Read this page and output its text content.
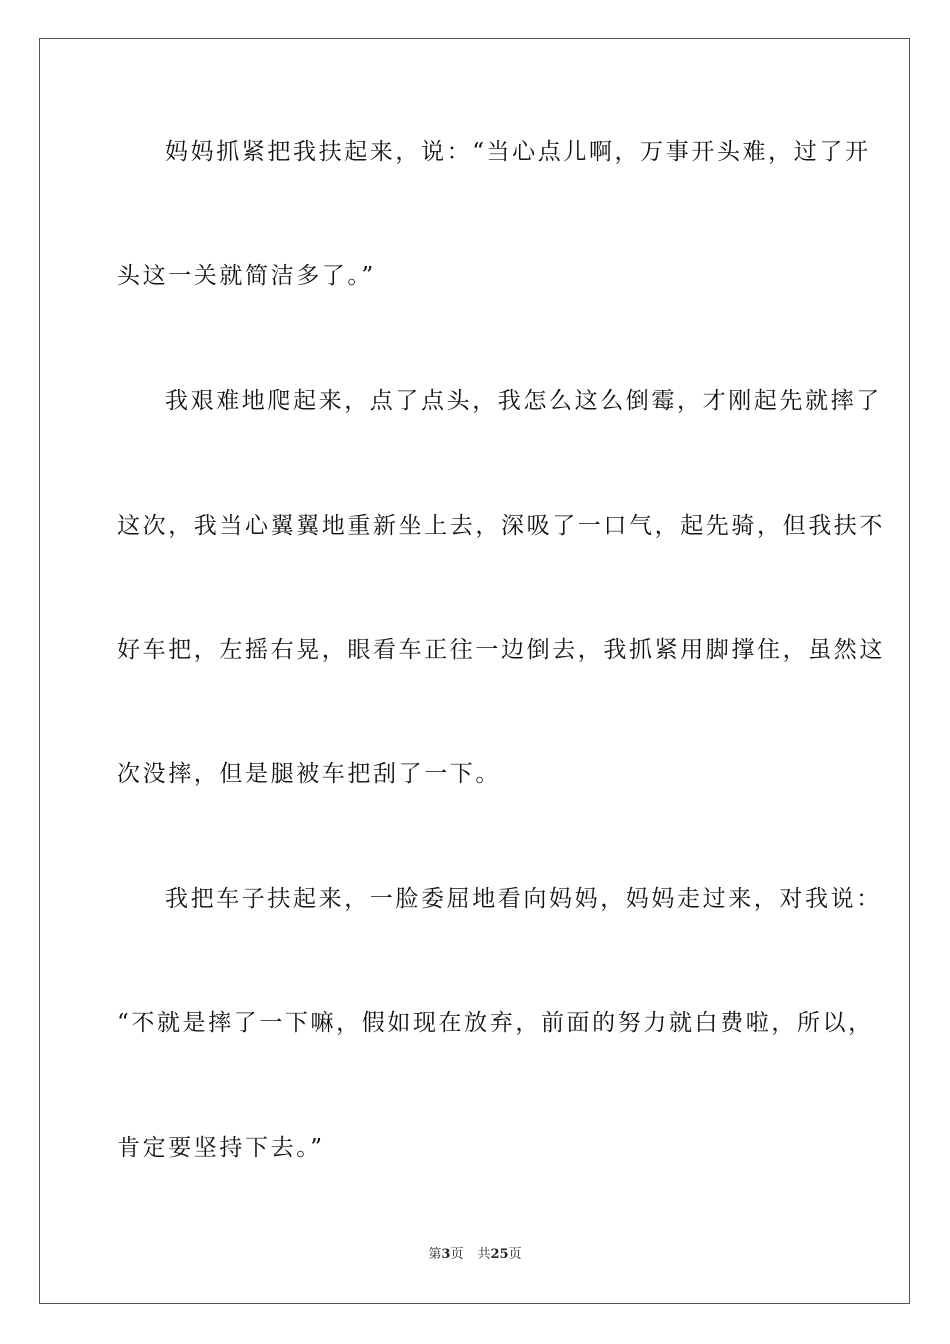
妈妈抓紧把我扶起来，说：“当心点儿啊，万事开头难，过了开
头这一关就简洁多了。”
我艰难地爬起来，点了点头，我怎么这么倒霉，才刚起先就摔了
这次，我当心翼翼地重新坐上去，深吸了一口气，起先骑，但我扶不
好车把，左摇右晃，眼看车正往一边倒去，我抓紧用脚撑住，虽然这
次没摔，但是腿被车把刮了一下。
我把车子扶起来，一脸委屈地看向妈妈，妈妈走过来，对我说：
“不就是摔了一下嘛，假如现在放弃，前面的努力就白费啦，所以，
肯定要坚持下去。”
第3页 共25页
